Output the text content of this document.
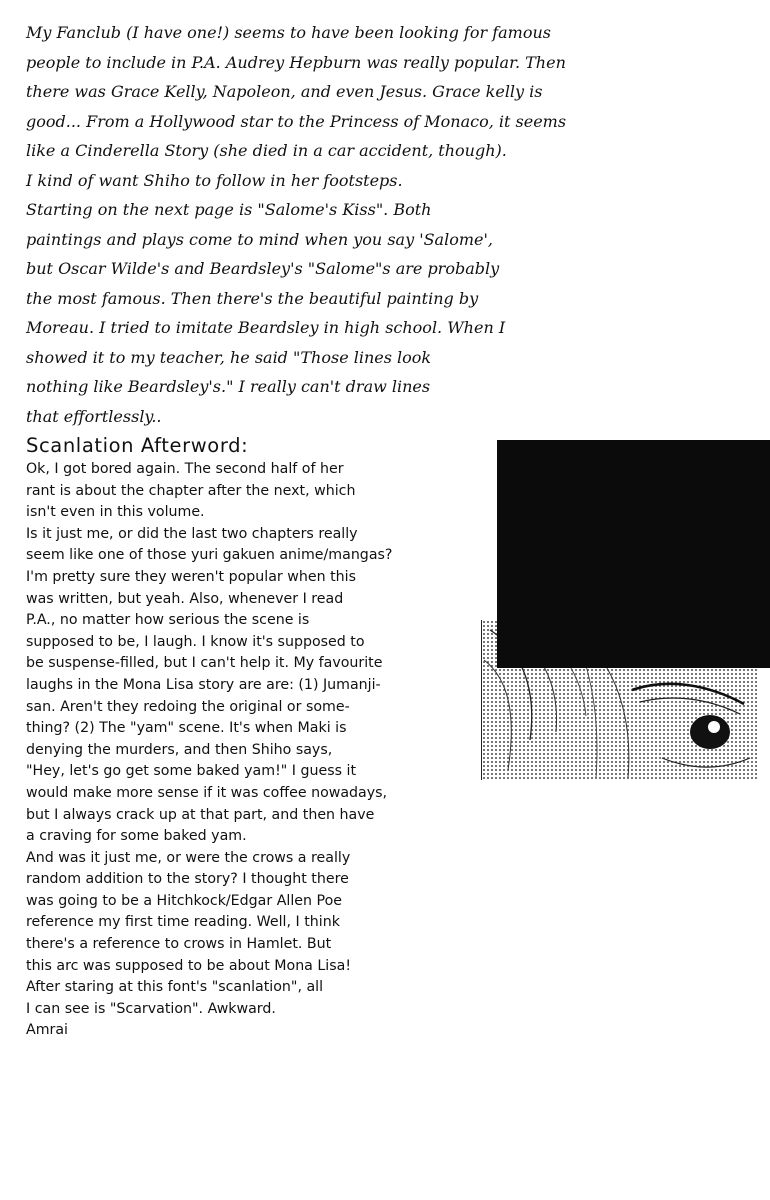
My Fanclub (I have one!) seems to have been looking for famous
people to include in P.A. Audrey Hepburn was really popular. Then
there was Grace Kelly, Napoleon, and even Jesus. Grace kelly is
good... From a Hollywood star to the Princess of Monaco, it seems
like a Cinderella Story (she died in a car accident, though).
I kind of want Shiho to follow in her footsteps.
Starting on the next page is "Salome's Kiss". Both
paintings and plays come to mind when you say 'Salome',
but Oscar Wilde's and Beardsley's "Salome"s are probably
the most famous. Then there's the beautiful painting by
Moreau. I tried to imitate Beardsley in high school. When I
showed it to my teacher, he said "Those lines look
nothing like Beardsley's." I really can't draw lines
that effortlessly..
Scanlation Afterword:
Ok, I got bored again. The second half of her
rant is about the chapter after the next, which
isn't even in this volume.
Is it just me, or did the last two chapters really
seem like one of those yuri gakuen anime/mangas?
I'm pretty sure they weren't popular when this
was written, but yeah. Also, whenever I read
P.A., no matter how serious the scene is
supposed to be, I laugh. I know it's supposed to
be suspense-filled, but I can't help it. My favourite
laughs in the Mona Lisa story are are: (1) Jumanji-
san. Aren't they redoing the original or some-
thing? (2) The "yam" scene. It's when Maki is
denying the murders, and then Shiho says,
"Hey, let's go get some baked yam!" I guess it
would make more sense if it was coffee nowadays,
but I always crack up at that part, and then have
a craving for some baked yam.
And was it just me, or were the crows a really
random addition to the story? I thought there
was going to be a Hitchkock/Edgar Allen Poe
reference my first time reading. Well, I think
there's a reference to crows in Hamlet. But
this arc was supposed to be about Mona Lisa!
After staring at this font's "scanlation", all
I can see is "Scarvation". Awkward.
Amrai
